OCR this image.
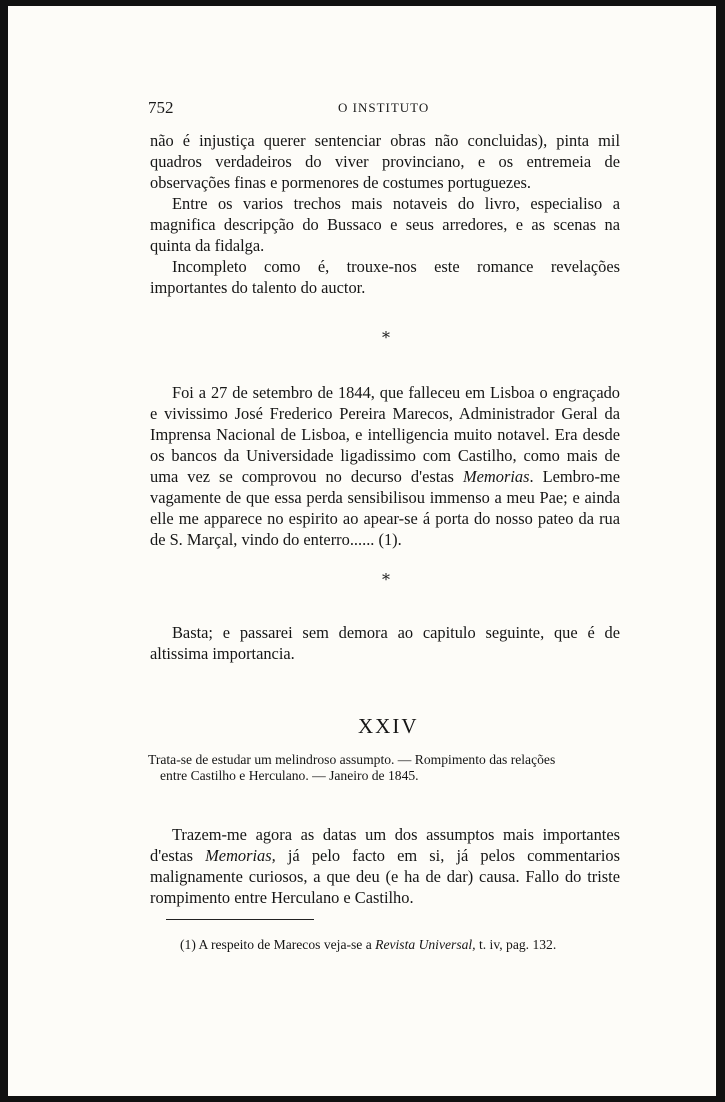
752	O INSTITUTO

não é injustiça querer sentenciar obras não concluidas), pinta mil quadros verdadeiros do viver provinciano, e os entremeia de observações finas e pormenores de costumes portuguezes.

Entre os varios trechos mais notaveis do livro, especialiso a magnifica descripção do Bussaco e seus arredores, e as scenas na quinta da fidalga.

Incompleto como é, trouxe-nos este romance revelações importantes do talento do auctor.

*

Foi a 27 de setembro de 1844, que falleceu em Lisboa o engraçado e vivissimo José Frederico Pereira Marecos, Administrador Geral da Imprensa Nacional de Lisboa, e intelligencia muito notavel. Era desde os bancos da Universidade ligadissimo com Castilho, como mais de uma vez se comprovou no decurso d'estas Memorias. Lembro-me vagamente de que essa perda sensibilisou immenso a meu Pae; e ainda elle me apparece no espirito ao apear-se á porta do nosso pateo da rua de S. Marçal, vindo do enterro...... (1).

*

Basta; e passarei sem demora ao capitulo seguinte, que é de altissima importancia.

XXIV
Trata-se de estudar um melindroso assumpto. — Rompimento das relações
entre Castilho e Herculano. — Janeiro de 1845.

Trazem-me agora as datas um dos assumptos mais importantes d'estas Memorias, já pelo facto em si, já pelos commentarios malignamente curiosos, a que deu (e ha de dar) causa. Fallo do triste rompimento entre Herculano e Castilho.

(1) A respeito de Marecos veja-se a Revista Universal, t. iv, pag. 132.
